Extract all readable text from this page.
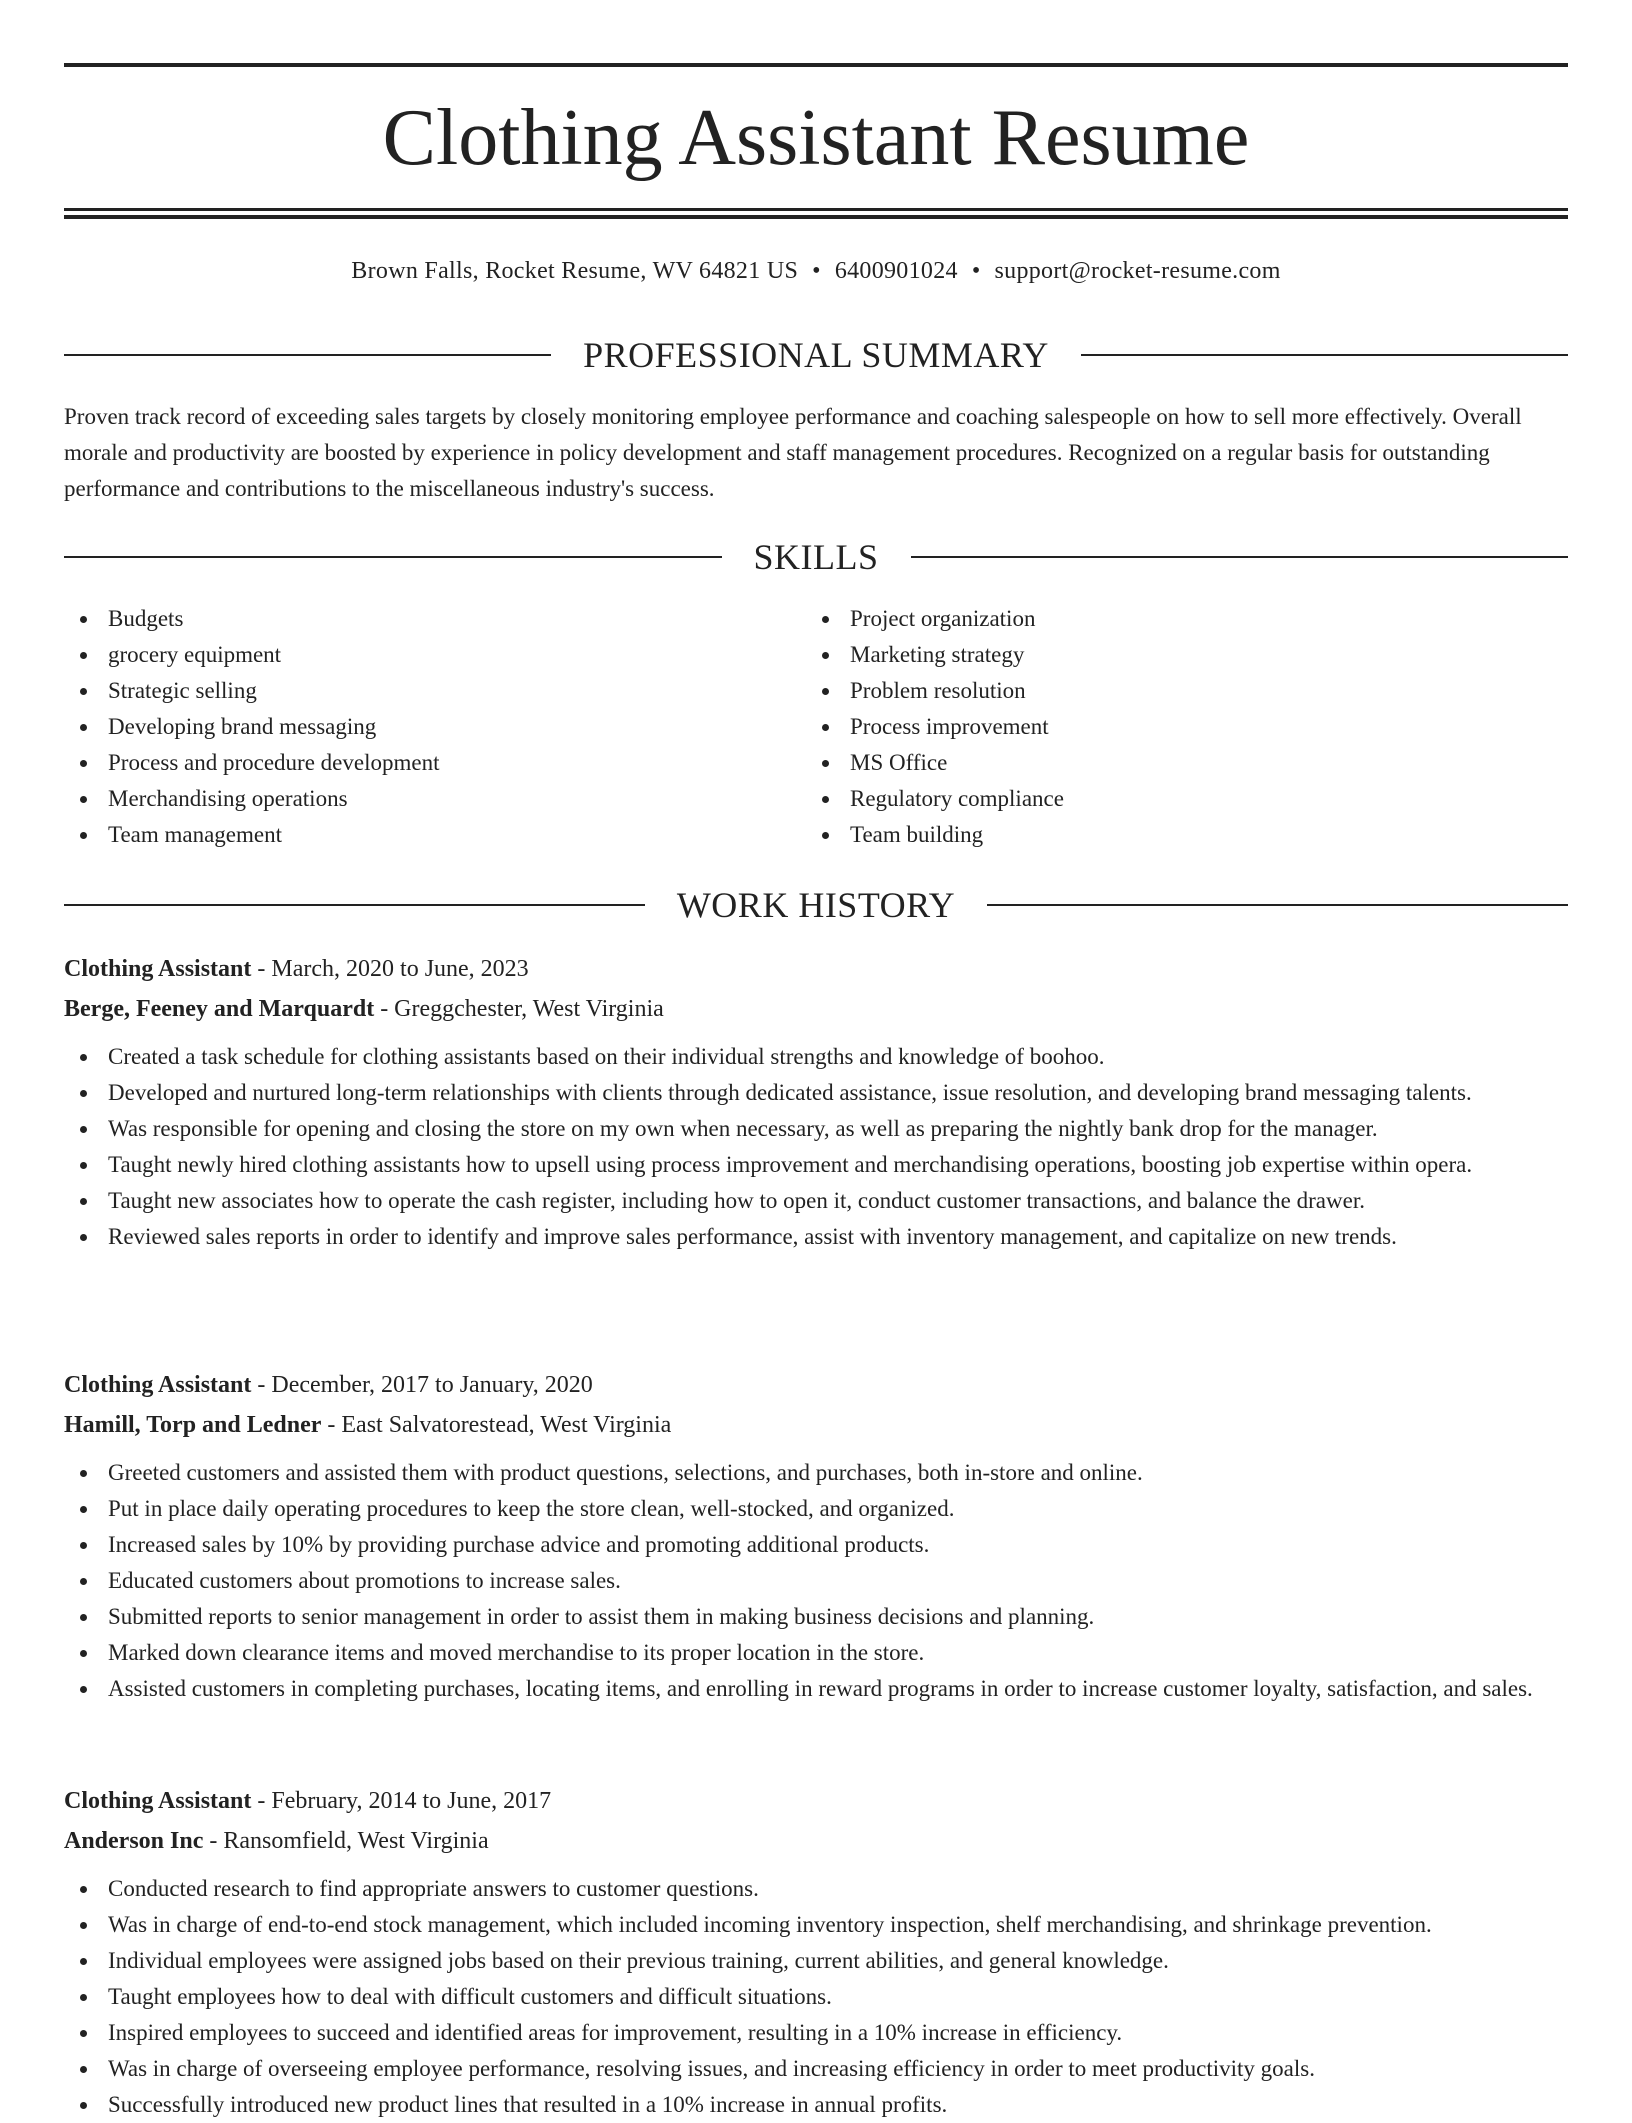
Clothing Assistant Resume
Brown Falls, Rocket Resume, WV 64821 US • 6400901024 • support@rocket-resume.com
PROFESSIONAL SUMMARY

Proven track record of exceeding sales targets by closely monitoring employee performance and coaching salespeople on how to sell more effectively. Overall morale and productivity are boosted by experience in policy development and staff management procedures. Recognized on a regular basis for outstanding performance and contributions to the miscellaneous industry's success.

SKILLS
Budgets
grocery equipment
Strategic selling
Developing brand messaging
Process and procedure development
Merchandising operations
Team management
Project organization
Marketing strategy
Problem resolution
Process improvement
MS Office
Regulatory compliance
Team building
WORK HISTORY
Clothing Assistant - March, 2020 to June, 2023
Berge, Feeney and Marquardt - Greggchester, West Virginia
Created a task schedule for clothing assistants based on their individual strengths and knowledge of boohoo.
Developed and nurtured long-term relationships with clients through dedicated assistance, issue resolution, and developing brand messaging talents.
Was responsible for opening and closing the store on my own when necessary, as well as preparing the nightly bank drop for the manager.
Taught newly hired clothing assistants how to upsell using process improvement and merchandising operations, boosting job expertise within opera.
Taught new associates how to operate the cash register, including how to open it, conduct customer transactions, and balance the drawer.
Reviewed sales reports in order to identify and improve sales performance, assist with inventory management, and capitalize on new trends.
Clothing Assistant - December, 2017 to January, 2020
Hamill, Torp and Ledner - East Salvatorestead, West Virginia
Greeted customers and assisted them with product questions, selections, and purchases, both in-store and online.
Put in place daily operating procedures to keep the store clean, well-stocked, and organized.
Increased sales by 10% by providing purchase advice and promoting additional products.
Educated customers about promotions to increase sales.
Submitted reports to senior management in order to assist them in making business decisions and planning.
Marked down clearance items and moved merchandise to its proper location in the store.
Assisted customers in completing purchases, locating items, and enrolling in reward programs in order to increase customer loyalty, satisfaction, and sales.
Clothing Assistant - February, 2014 to June, 2017
Anderson Inc - Ransomfield, West Virginia
Conducted research to find appropriate answers to customer questions.
Was in charge of end-to-end stock management, which included incoming inventory inspection, shelf merchandising, and shrinkage prevention.
Individual employees were assigned jobs based on their previous training, current abilities, and general knowledge.
Taught employees how to deal with difficult customers and difficult situations.
Inspired employees to succeed and identified areas for improvement, resulting in a 10% increase in efficiency.
Was in charge of overseeing employee performance, resolving issues, and increasing efficiency in order to meet productivity goals.
Successfully introduced new product lines that resulted in a 10% increase in annual profits.
